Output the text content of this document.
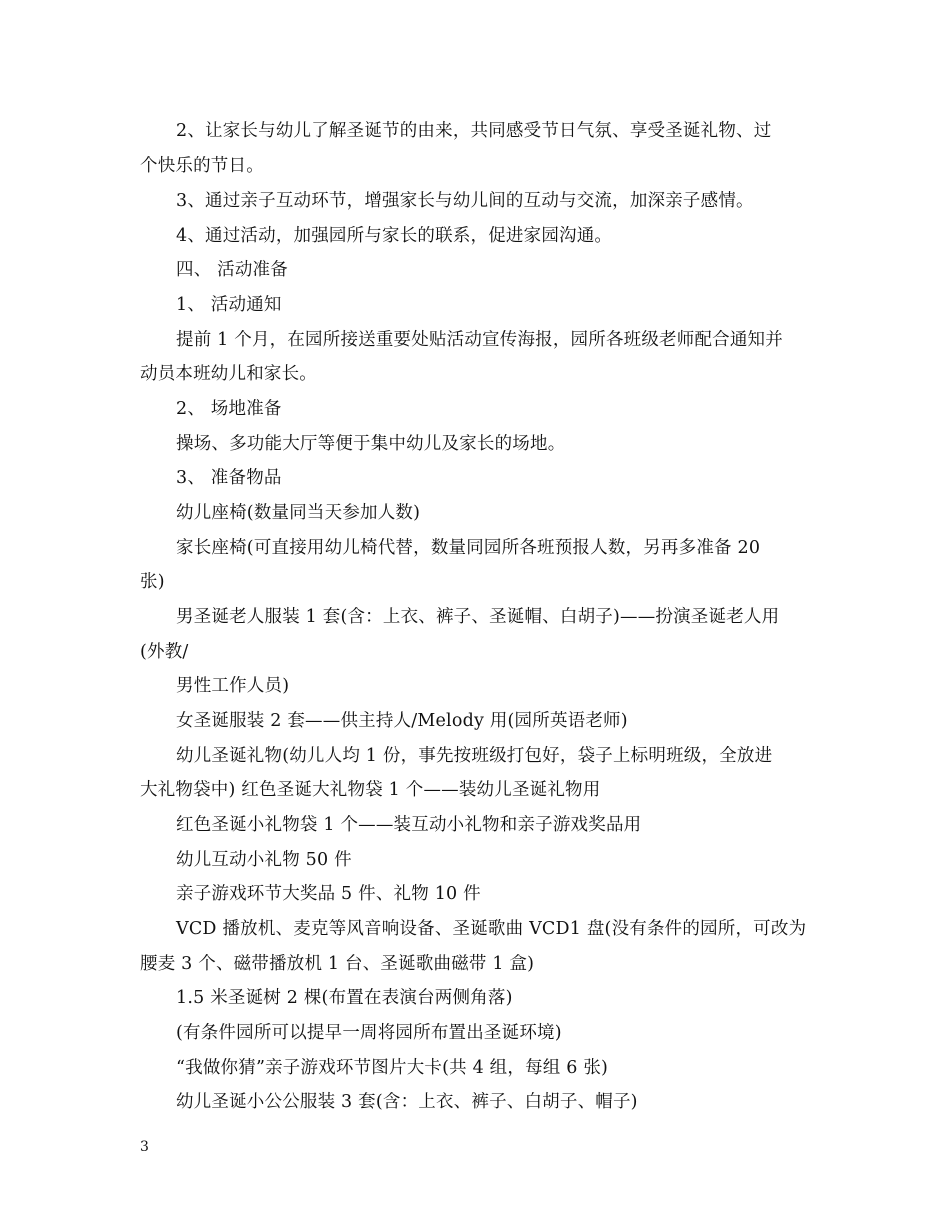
2、让家长与幼儿了解圣诞节的由来，共同感受节日气氛、享受圣诞礼物、过
个快乐的节日。
3、通过亲子互动环节，增强家长与幼儿间的互动与交流，加深亲子感情。
4、通过活动，加强园所与家长的联系，促进家园沟通。
四、 活动准备
1、 活动通知
提前 1 个月，在园所接送重要处贴活动宣传海报，园所各班级老师配合通知并
动员本班幼儿和家长。
2、 场地准备
操场、多功能大厅等便于集中幼儿及家长的场地。
3、 准备物品
幼儿座椅(数量同当天参加人数)
家长座椅(可直接用幼儿椅代替，数量同园所各班预报人数，另再多准备 20
张)
男圣诞老人服装 1 套(含：上衣、裤子、圣诞帽、白胡子)——扮演圣诞老人用
(外教/
男性工作人员)
女圣诞服装 2 套——供主持人/Melody 用(园所英语老师)
幼儿圣诞礼物(幼儿人均 1 份，事先按班级打包好，袋子上标明班级，全放进
大礼物袋中) 红色圣诞大礼物袋 1 个——装幼儿圣诞礼物用
红色圣诞小礼物袋 1 个——装互动小礼物和亲子游戏奖品用
幼儿互动小礼物 50 件
亲子游戏环节大奖品 5 件、礼物 10 件
VCD 播放机、麦克等风音响设备、圣诞歌曲 VCD1 盘(没有条件的园所，可改为
腰麦 3 个、磁带播放机 1 台、圣诞歌曲磁带 1 盒)
1.5 米圣诞树 2 棵(布置在表演台两侧角落)
(有条件园所可以提早一周将园所布置出圣诞环境)
“我做你猜”亲子游戏环节图片大卡(共 4 组，每组 6 张)
幼儿圣诞小公公服装 3 套(含：上衣、裤子、白胡子、帽子)
3
